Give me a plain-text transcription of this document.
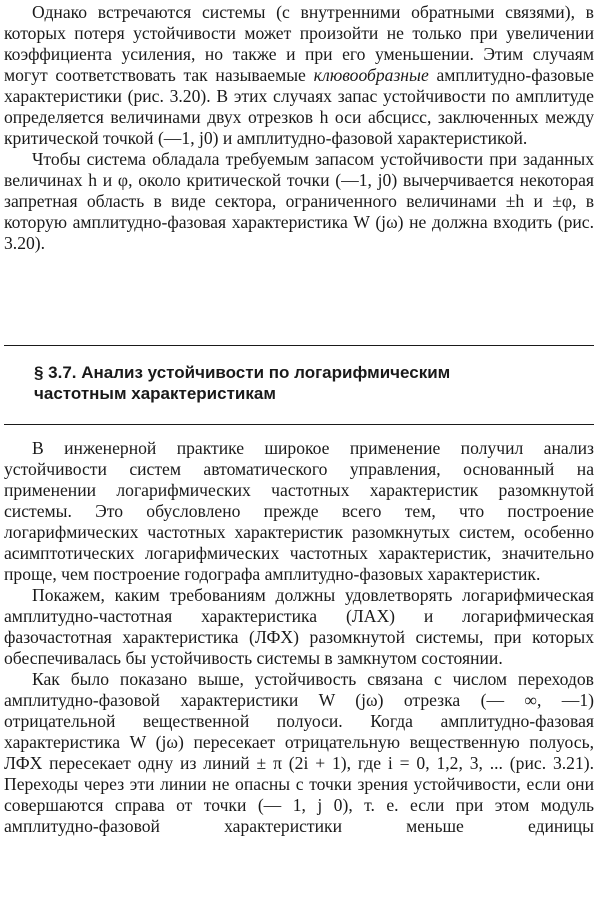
Однако встречаются системы (с внутренними обратными связями), в которых потеря устойчивости может произойти не только при увеличении коэффициента усиления, но также и при его уменьшении. Этим случаям могут соответствовать так называемые клювообразные амплитудно-фазовые характеристики (рис. 3.20). В этих случаях запас устойчивости по амплитуде определяется величинами двух отрезков h оси абсцисс, заключенных между критической точкой (—1, j0) и амплитудно-фазовой характеристикой.

Чтобы система обладала требуемым запасом устойчивости при заданных величинах h и φ, около критической точки (—1, j0) вычерчивается некоторая запретная область в виде сектора, ограниченного величинами ±h и ±φ, в которую амплитудно-фазовая характеристика W (jω) не должна входить (рис. 3.20).

§ 3.7. Анализ устойчивости по логарифмическим
частотным характеристикам

В инженерной практике широкое применение получил анализ устойчивости систем автоматического управления, основанный на применении логарифмических частотных характеристик разомкнутой системы. Это обусловлено прежде всего тем, что построение логарифмических частотных характеристик разомкнутых систем, особенно асимптотических логарифмических частотных характеристик, значительно проще, чем построение годографа амплитудно-фазовых характеристик.

Покажем, каким требованиям должны удовлетворять логарифмическая амплитудно-частотная характеристика (ЛАХ) и логарифмическая фазочастотная характеристика (ЛФХ) разомкнутой системы, при которых обеспечивалась бы устойчивость системы в замкнутом состоянии.

Как было показано выше, устойчивость связана с числом переходов амплитудно-фазовой характеристики W (jω) отрезка (— ∞, —1) отрицательной вещественной полуоси. Когда амплитудно-фазовая характеристика W (jω) пересекает отрицательную вещественную полуось, ЛФХ пересекает одну из линий ± π (2i + 1), где i = 0, 1,2, 3, ... (рис. 3.21). Переходы через эти линии не опасны с точки зрения устойчивости, если они совершаются справа от точки (— 1, j 0), т. е. если при этом модуль амплитудно-фазовой характеристики меньше единицы
